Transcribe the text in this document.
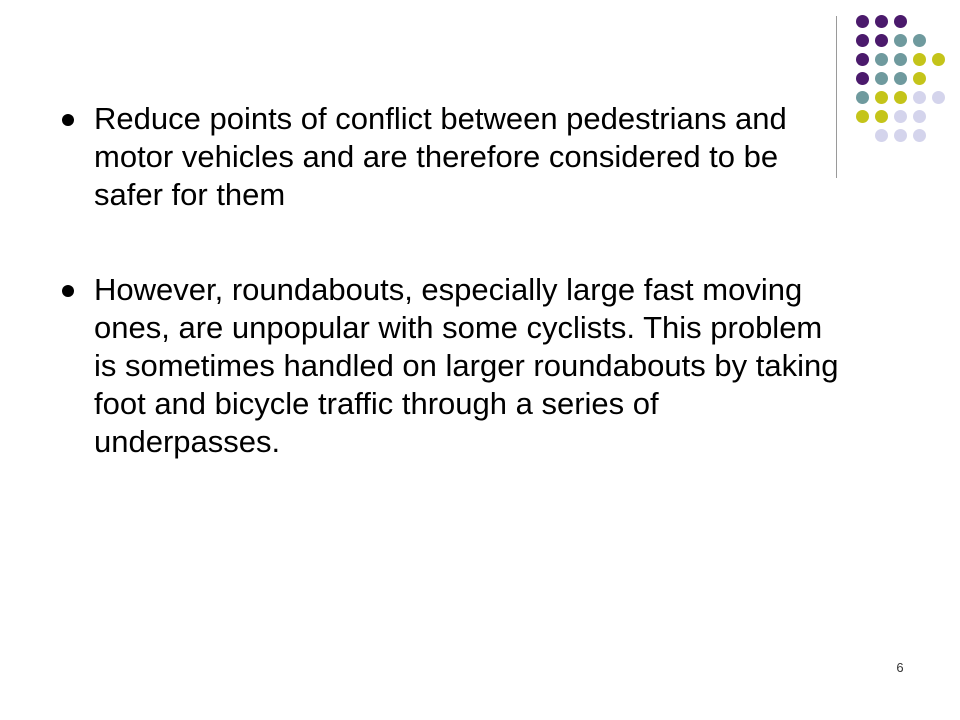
Reduce points of conflict between pedestrians and motor vehicles and are therefore considered to be safer for them
However, roundabouts, especially large fast moving ones, are unpopular with some cyclists. This problem is sometimes handled on larger roundabouts by taking foot and bicycle traffic through a series of underpasses.
6
